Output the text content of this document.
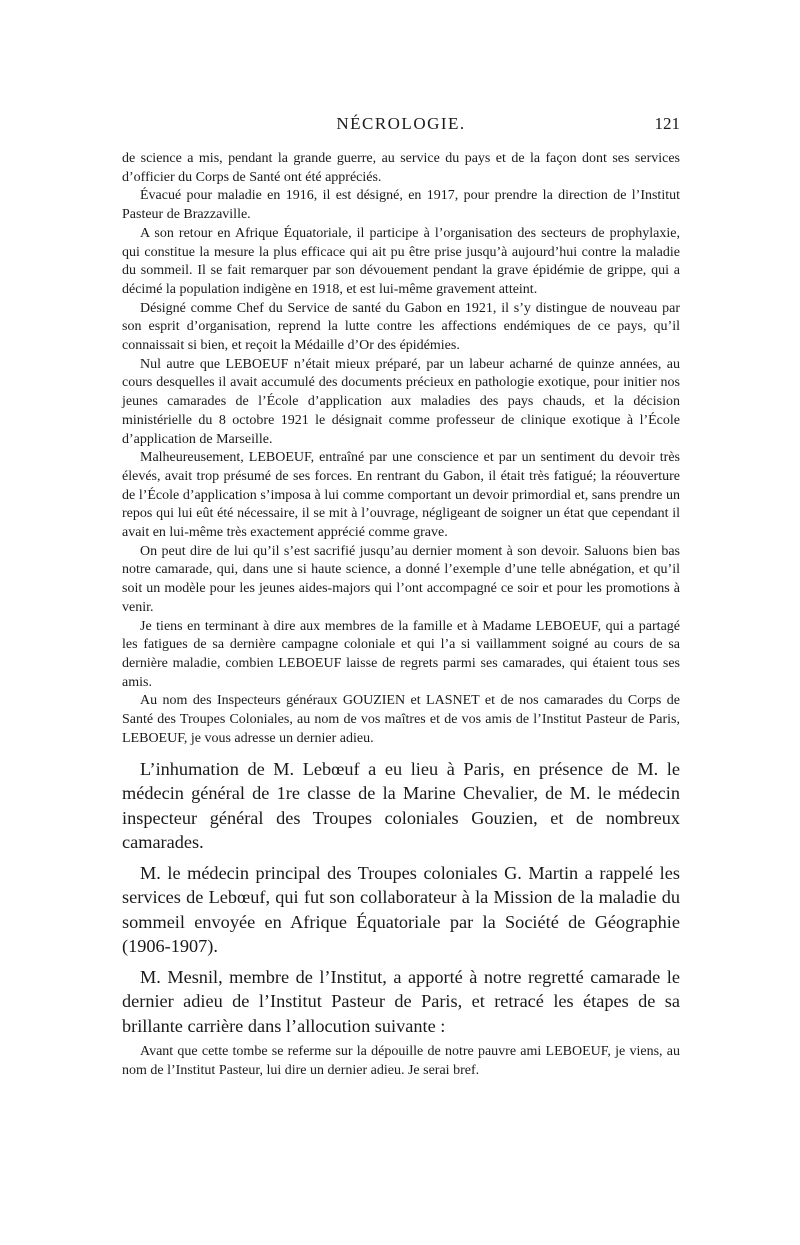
NÉCROLOGIE.	121

de science a mis, pendant la grande guerre, au service du pays et de la façon dont ses services d’officier du Corps de Santé ont été appréciés.

Évacué pour maladie en 1916, il est désigné, en 1917, pour prendre la direction de l’Institut Pasteur de Brazzaville.

A son retour en Afrique Équatoriale, il participe à l’organisation des secteurs de prophylaxie, qui constitue la mesure la plus efficace qui ait pu être prise jusqu’à aujourd’hui contre la maladie du sommeil. Il se fait remarquer par son dévouement pendant la grave épidémie de grippe, qui a décimé la population indigène en 1918, et est lui-même gravement atteint.

Désigné comme Chef du Service de santé du Gabon en 1921, il s’y distingue de nouveau par son esprit d’organisation, reprend la lutte contre les affections endémiques de ce pays, qu’il connaissait si bien, et reçoit la Médaille d’Or des épidémies.

Nul autre que LEBOEUF n’était mieux préparé, par un labeur acharné de quinze années, au cours desquelles il avait accumulé des documents précieux en pathologie exotique, pour initier nos jeunes camarades de l’École d’application aux maladies des pays chauds, et la décision ministérielle du 8 octobre 1921 le désignait comme professeur de clinique exotique à l’École d’application de Marseille.

Malheureusement, LEBOEUF, entraîné par une conscience et par un sentiment du devoir très élevés, avait trop présumé de ses forces. En rentrant du Gabon, il était très fatigué; la réouverture de l’École d’application s’imposa à lui comme comportant un devoir primordial et, sans prendre un repos qui lui eût été nécessaire, il se mit à l’ouvrage, négligeant de soigner un état que cependant il avait en lui-même très exactement apprécié comme grave.

On peut dire de lui qu’il s’est sacrifié jusqu’au dernier moment à son devoir. Saluons bien bas notre camarade, qui, dans une si haute science, a donné l’exemple d’une telle abnégation, et qu’il soit un modèle pour les jeunes aides-majors qui l’ont accompagné ce soir et pour les promotions à venir.

Je tiens en terminant à dire aux membres de la famille et à Madame LEBOEUF, qui a partagé les fatigues de sa dernière campagne coloniale et qui l’a si vaillamment soigné au cours de sa dernière maladie, combien LEBOEUF laisse de regrets parmi ses camarades, qui étaient tous ses amis.

Au nom des Inspecteurs généraux GOUZIEN et LASNET et de nos camarades du Corps de Santé des Troupes Coloniales, au nom de vos maîtres et de vos amis de l’Institut Pasteur de Paris, LEBOEUF, je vous adresse un dernier adieu.

L’inhumation de M. Lebœuf a eu lieu à Paris, en présence de M. le médecin général de 1re classe de la Marine Chevalier, de M. le médecin inspecteur général des Troupes coloniales Gouzien, et de nombreux camarades.

M. le médecin principal des Troupes coloniales G. Martin a rappelé les services de Lebœuf, qui fut son collaborateur à la Mission de la maladie du sommeil envoyée en Afrique Équatoriale par la Société de Géographie (1906-1907).

M. Mesnil, membre de l’Institut, a apporté à notre regretté camarade le dernier adieu de l’Institut Pasteur de Paris, et retracé les étapes de sa brillante carrière dans l’allocution suivante :

Avant que cette tombe se referme sur la dépouille de notre pauvre ami LEBOEUF, je viens, au nom de l’Institut Pasteur, lui dire un dernier adieu. Je serai bref.
